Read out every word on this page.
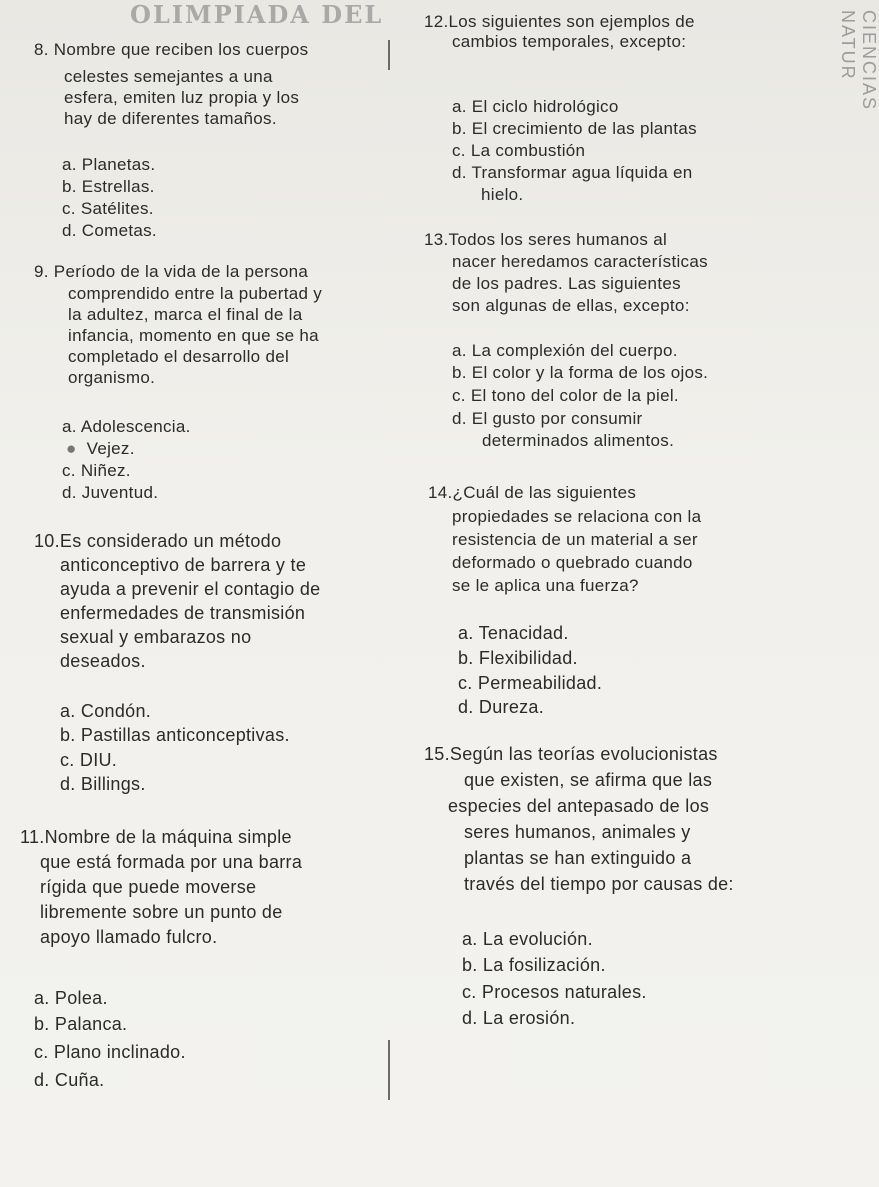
OLIMPIADA DEL	CIENCIAS NATUR
8. Nombre que reciben los cuerpos
celestes semejantes a una
esfera, emiten luz propia y los
hay de diferentes tamaños.
a. Planetas.
b. Estrellas.
c. Satélites.
d. Cometas.
9. Período de la vida de la persona
comprendido entre la pubertad y
la adultez, marca el final de la
infancia, momento en que se ha
completado el desarrollo del
organismo.
a. Adolescencia.
● Vejez.
c. Niñez.
d. Juventud.
10.Es considerado un método
anticonceptivo de barrera y te
ayuda a prevenir el contagio de
enfermedades de transmisión
sexual y embarazos no
deseados.
a. Condón.
b. Pastillas anticonceptivas.
c. DIU.
d. Billings.
11.Nombre de la máquina simple
que está formada por una barra
rígida que puede moverse
libremente sobre un punto de
apoyo llamado fulcro.
a. Polea.
b. Palanca.
c. Plano inclinado.
d. Cuña.
12.Los siguientes son ejemplos de
cambios temporales, excepto:
a. El ciclo hidrológico
b. El crecimiento de las plantas
c. La combustión
d. Transformar agua líquida en
hielo.
13.Todos los seres humanos al
nacer heredamos características
de los padres. Las siguientes
son algunas de ellas, excepto:
a. La complexión del cuerpo.
b. El color y la forma de los ojos.
c. El tono del color de la piel.
d. El gusto por consumir
determinados alimentos.
14.¿Cuál de las siguientes
propiedades se relaciona con la
resistencia de un material a ser
deformado o quebrado cuando
se le aplica una fuerza?
a. Tenacidad.
b. Flexibilidad.
c. Permeabilidad.
d. Dureza.
15.Según las teorías evolucionistas
que existen, se afirma que las
especies del antepasado de los
seres humanos, animales y
plantas se han extinguido a
través del tiempo por causas de:
a. La evolución.
b. La fosilización.
c. Procesos naturales.
d. La erosión.
